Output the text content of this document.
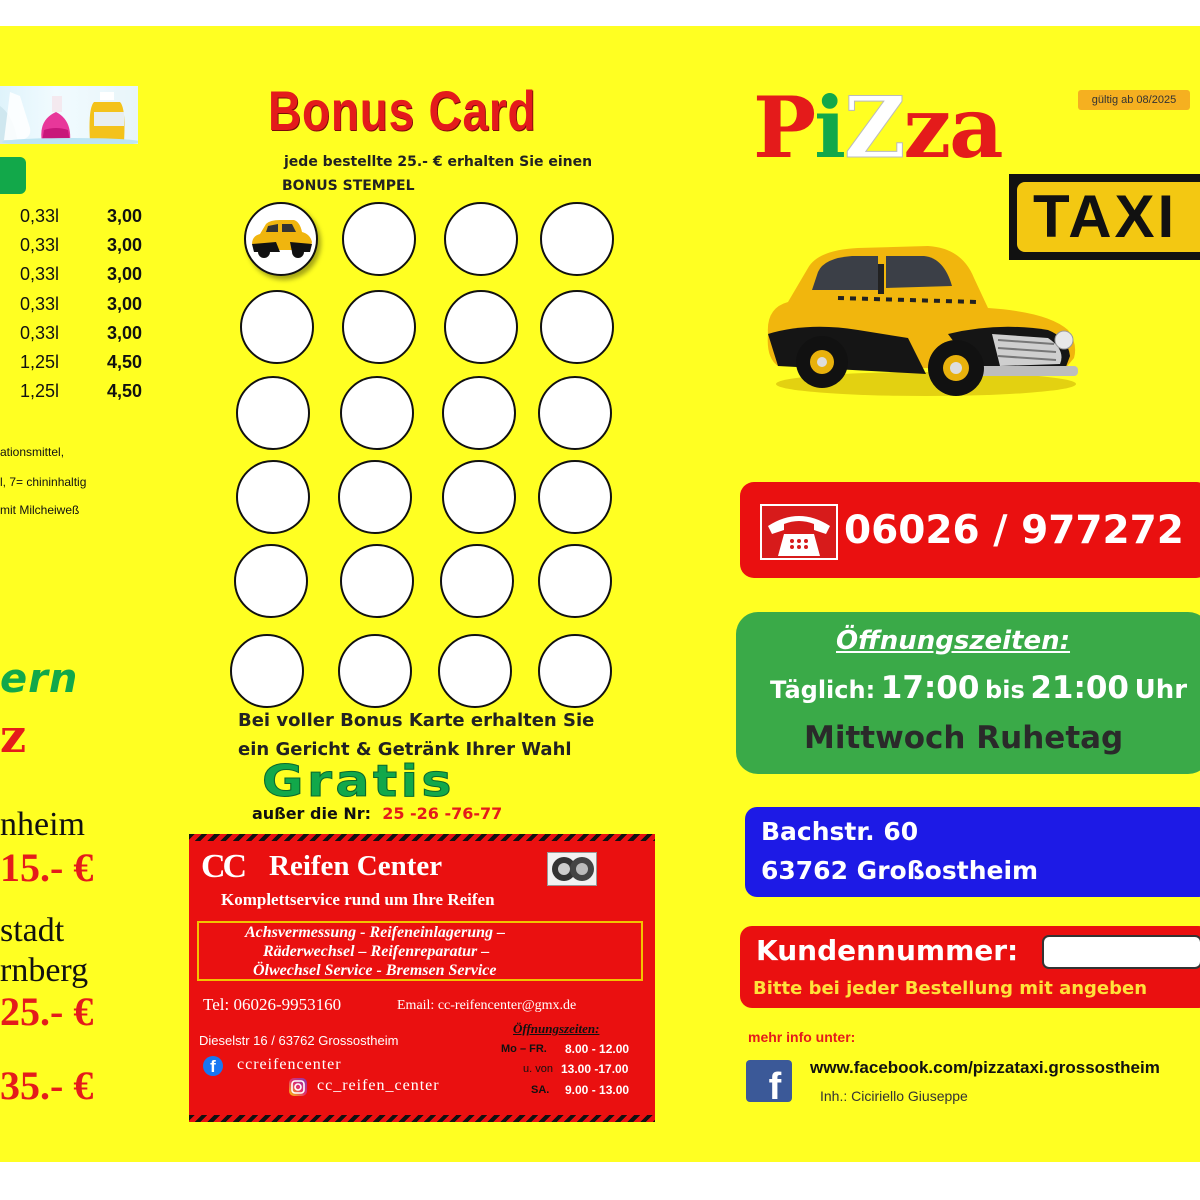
0,33l	3,00
0,33l	3,00
0,33l	3,00
0,33l	3,00
0,33l	3,00
1,25l	4,50
1,25l	4,50
ationsmittel,
l, 7= chininhaltig
mit Milcheiweß
ern
z
nheim
15.- €
stadt
rnberg
25.- €
35.- €
Bonus Card
jede bestellte 25.- € erhalten Sie einen
BONUS STEMPEL
Bei voller Bonus Karte erhalten Sie
ein Gericht & Getränk Ihrer Wahl
Gratis
außer die Nr: 25 -26 -76-77
CC Reifen Center
Komplettservice rund um Ihre Reifen
Achsvermessung - Reifeneinlagerung –
Räderwechsel – Reifenreparatur –
Ölwechsel Service - Bremsen Service
Tel: 06026-9953160	Email: cc-reifencenter@gmx.de
Dieselstr 16 / 63762 Grossostheim
f	ccreifencenter
cc_reifen_center
Öffnungszeiten:
Mo – FR. 8.00 - 12.00
u. von 13.00 -17.00
SA. 9.00 - 13.00
gültig ab 08/2025
PiZza
TAXI
06026 / 977272
Öffnungszeiten:
Täglich: 17:00 bis 21:00 Uhr
Mittwoch Ruhetag
Bachstr. 60
63762 Großostheim
Kundennummer:
Bitte bei jeder Bestellung mit angeben
mehr info unter:
f	www.facebook.com/pizzataxi.grossostheim
Inh.: Ciciriello Giuseppe
